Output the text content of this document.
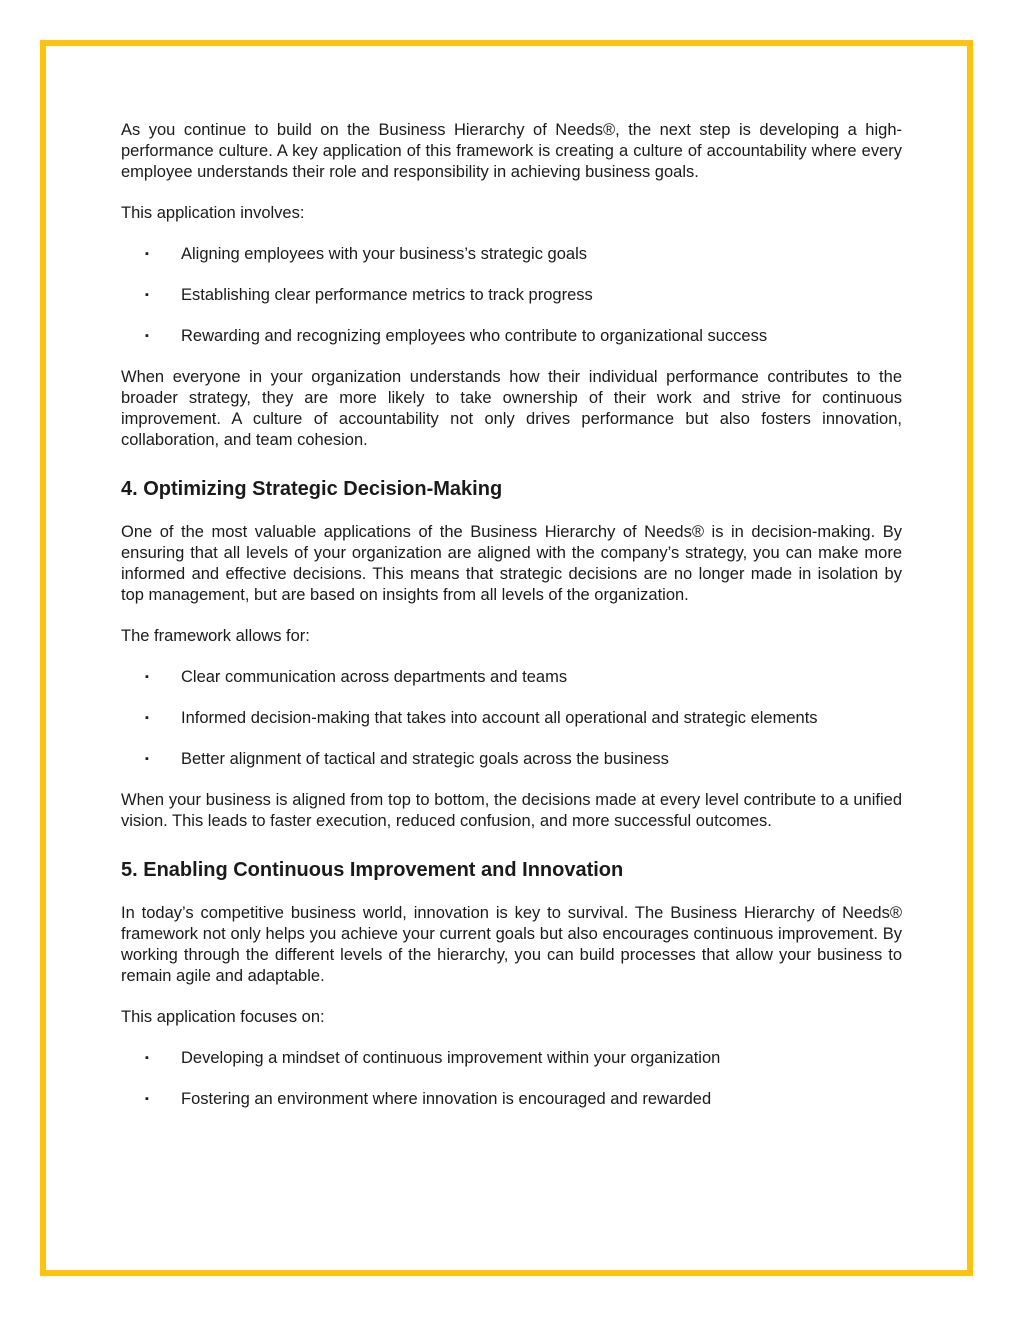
As you continue to build on the Business Hierarchy of Needs®, the next step is developing a high-performance culture. A key application of this framework is creating a culture of accountability where every employee understands their role and responsibility in achieving business goals.

This application involves:

▪ Aligning employees with your business’s strategic goals
▪ Establishing clear performance metrics to track progress
▪ Rewarding and recognizing employees who contribute to organizational success

When everyone in your organization understands how their individual performance contributes to the broader strategy, they are more likely to take ownership of their work and strive for continuous improvement. A culture of accountability not only drives performance but also fosters innovation, collaboration, and team cohesion.

4. Optimizing Strategic Decision-Making

One of the most valuable applications of the Business Hierarchy of Needs® is in decision-making. By ensuring that all levels of your organization are aligned with the company’s strategy, you can make more informed and effective decisions. This means that strategic decisions are no longer made in isolation by top management, but are based on insights from all levels of the organization.

The framework allows for:

▪ Clear communication across departments and teams
▪ Informed decision-making that takes into account all operational and strategic elements
▪ Better alignment of tactical and strategic goals across the business

When your business is aligned from top to bottom, the decisions made at every level contribute to a unified vision. This leads to faster execution, reduced confusion, and more successful outcomes.

5. Enabling Continuous Improvement and Innovation

In today’s competitive business world, innovation is key to survival. The Business Hierarchy of Needs® framework not only helps you achieve your current goals but also encourages continuous improvement. By working through the different levels of the hierarchy, you can build processes that allow your business to remain agile and adaptable.

This application focuses on:

▪ Developing a mindset of continuous improvement within your organization
▪ Fostering an environment where innovation is encouraged and rewarded
